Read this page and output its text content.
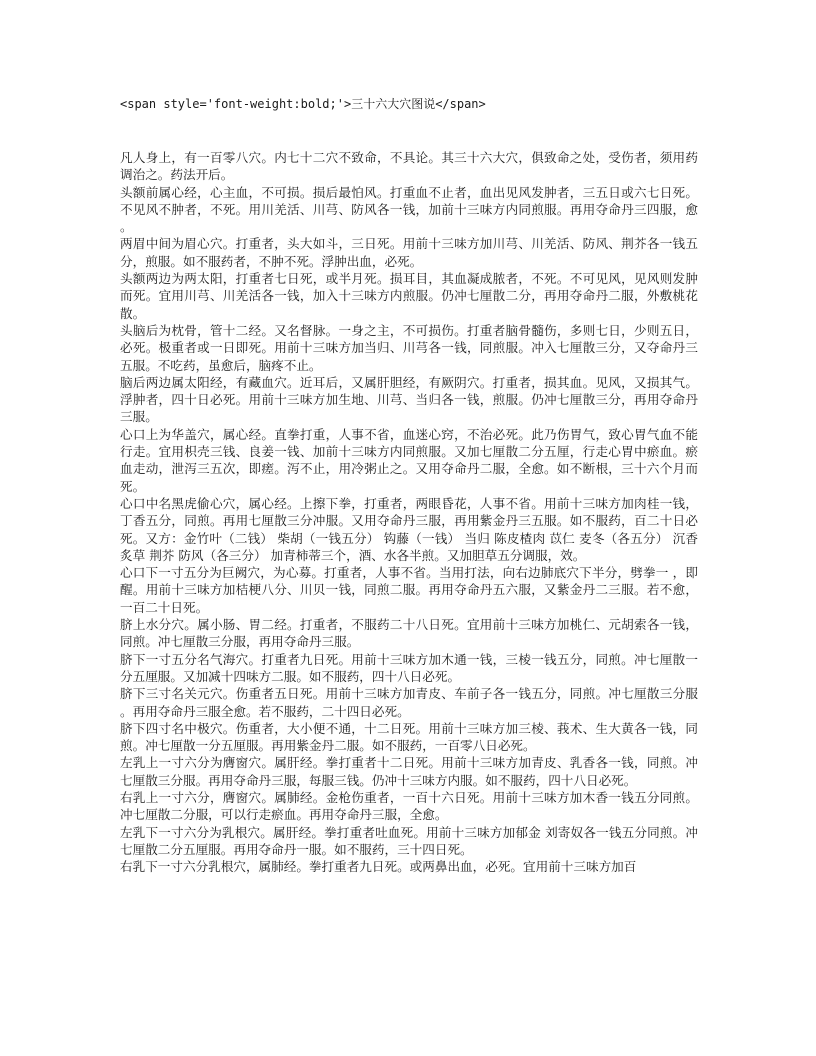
<span style='font-weight:bold;'>三十六大穴图说</span>

凡人身上，有一百零八穴。内七十二穴不致命，不具论。其三十六大穴，俱致命之处，受伤者，须用药调治之。药法开后。

头额前属心经，心主血，不可损。损后最怕风。打重血不止者，血出见风发肿者，三五日或六七日死。不见风不肿者，不死。用川羌活、川芎、防风各一钱，加前十三味方内同煎服。再用夺命丹三四服，愈。

两眉中间为眉心穴。打重者，头大如斗，三日死。用前十三味方加川芎、川羌活、防风、荆芥各一钱五分，煎服。如不服药者，不肿不死。浮肿出血，必死。

头额两边为两太阳，打重者七日死，或半月死。损耳目，其血凝成脓者，不死。不可见风，见风则发肿而死。宜用川芎、川羌活各一钱，加入十三味方内煎服。仍冲七厘散二分，再用夺命丹二服，外敷桃花散。

头脑后为枕骨，管十二经。又名督脉。一身之主，不可损伤。打重者脑骨髓伤，多则七日，少则五日，必死。极重者或一日即死。用前十三味方加当归、川芎各一钱，同煎服。冲入七厘散三分，又夺命丹三五服。不吃药，虽愈后，脑疼不止。

脑后两边属太阳经，有藏血穴。近耳后，又属肝胆经，有厥阴穴。打重者，损其血。见风，又损其气。浮肿者，四十日必死。用前十三味方加生地、川芎、当归各一钱，煎服。仍冲七厘散三分，再用夺命丹三服。

心口上为华盖穴，属心经。直拳打重，人事不省，血迷心窍，不治必死。此乃伤胃气，致心胃气血不能行走。宜用枳壳三钱、良姜一钱、加前十三味方内同煎服。又加七厘散二分五厘，行走心胃中瘀血。瘀血走动，泄泻三五次，即瘥。泻不止，用冷粥止之。又用夺命丹二服，全愈。如不断根，三十六个月而死。

心口中名黑虎偷心穴，属心经。上擦下拳，打重者，两眼昏花，人事不省。用前十三味方加肉桂一钱，丁香五分，同煎。再用七厘散三分冲服。又用夺命丹三服，再用紫金丹三五服。如不服药，百二十日必死。又方：金竹叶（二钱） 柴胡（一钱五分） 钩藤（一钱） 当归 陈皮楂肉 苡仁 麦冬（各五分） 沉香 炙草 荆芥 防风（各三分） 加青柿蒂三个，酒、水各半煎。又加胆草五分调服，效。

心口下一寸五分为巨阙穴，为心募。打重者，人事不省。当用打法，向右边肺底穴下半分，劈拳一 ，即醒。用前十三味方加桔梗八分、川贝一钱，同煎二服。再用夺命丹五六服，又紫金丹二三服。若不愈，一百二十日死。

脐上水分穴。属小肠、胃二经。打重者，不服药二十八日死。宜用前十三味方加桃仁、元胡索各一钱，同煎。冲七厘散三分服，再用夺命丹三服。

脐下一寸五分名气海穴。打重者九日死。用前十三味方加木通一钱，三棱一钱五分，同煎。冲七厘散一分五厘服。又加减十四味方二服。如不服药，四十八日必死。

脐下三寸名关元穴。伤重者五日死。用前十三味方加青皮、车前子各一钱五分，同煎。冲七厘散三分服。再用夺命丹三服全愈。若不服药，二十四日必死。

脐下四寸名中极穴。伤重者，大小便不通，十二日死。用前十三味方加三棱、莪术、生大黄各一钱，同煎。冲七厘散一分五厘服。再用紫金丹二服。如不服药，一百零八日必死。

左乳上一寸六分为膺窗穴。属肝经。拳打重者十二日死。用前十三味方加青皮、乳香各一钱，同煎。冲七厘散三分服。再用夺命丹三服，每服三钱。仍冲十三味方内服。如不服药，四十八日必死。

右乳上一寸六分，膺窗穴。属肺经。金枪伤重者，一百十六日死。用前十三味方加木香一钱五分同煎。冲七厘散二分服，可以行走瘀血。再用夺命丹三服，全愈。

左乳下一寸六分为乳根穴。属肝经。拳打重者吐血死。用前十三味方加郁金 刘寄奴各一钱五分同煎。冲七厘散二分五厘服。再用夺命丹一服。如不服药，三十四日死。

右乳下一寸六分乳根穴，属肺经。拳打重者九日死。或两鼻出血，必死。宜用前十三味方加百
